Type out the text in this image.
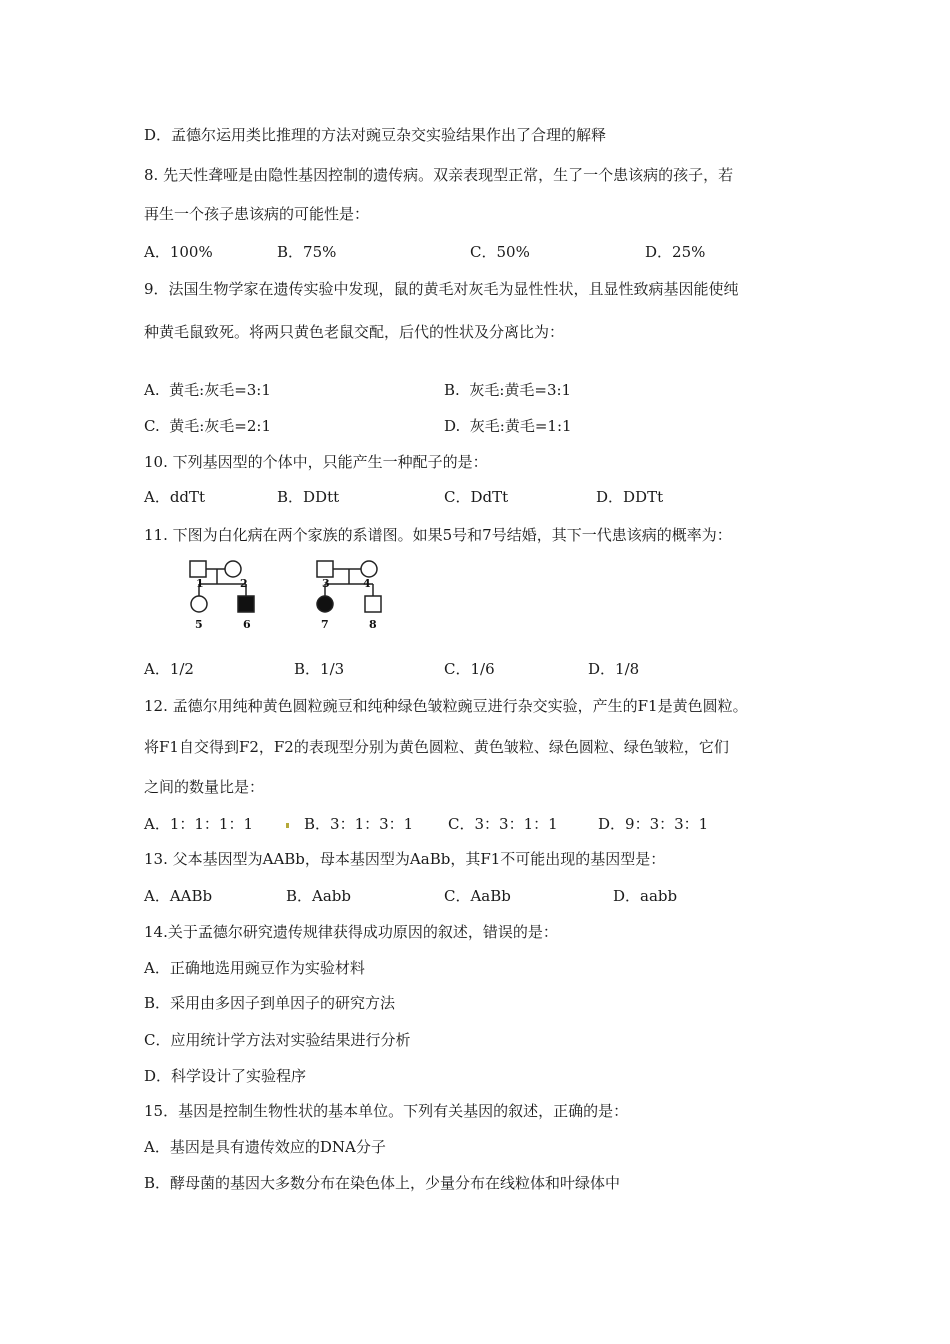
D．孟德尔运用类比推理的方法对豌豆杂交实验结果作出了合理的解释
8. 先天性聋哑是由隐性基因控制的遗传病。双亲表现型正常，生了一个患该病的孩子，若
再生一个孩子患该病的可能性是：
A．100%	B．75%	C．50%	D．25%
9．法国生物学家在遗传实验中发现，鼠的黄毛对灰毛为显性性状，且显性致病基因能使纯
种黄毛鼠致死。将两只黄色老鼠交配，后代的性状及分离比为：
A.  黄毛:灰毛=3:1	B.  灰毛:黄毛=3:1
C.  黄毛:灰毛=2:1	D.  灰毛:黄毛=1:1
10. 下列基因型的个体中，只能产生一种配子的是：
A．ddTt	B．DDtt	C．DdTt	D．DDTt
11. 下图为白化病在两个家族的系谱图。如果5号和7号结婚，其下一代患该病的概率为：
1	2	3	4
5	6	7	8
A．1/2	B．1/3	C．1/6	D．1/8
12. 孟德尔用纯种黄色圆粒豌豆和纯种绿色皱粒豌豆进行杂交实验，产生的F1是黄色圆粒。
将F1自交得到F2，F2的表现型分别为黄色圆粒、黄色皱粒、绿色圆粒、绿色皱粒，它们
之间的数量比是：
A．1：1：1：1	B．3：1：3：1 C．3：3：1：1	D．9：3：3：1
13. 父本基因型为AABb，母本基因型为AaBb，其F1不可能出现的基因型是：
A．AABb	B．Aabb	C．AaBb	D．aabb
14.关于孟德尔研究遗传规律获得成功原因的叙述，错误的是：
A．正确地选用豌豆作为实验材料
B．采用由多因子到单因子的研究方法
C．应用统计学方法对实验结果进行分析
D．科学设计了实验程序
15．基因是控制生物性状的基本单位。下列有关基因的叙述，正确的是：
A．基因是具有遗传效应的DNA分子
B．酵母菌的基因大多数分布在染色体上，少量分布在线粒体和叶绿体中
